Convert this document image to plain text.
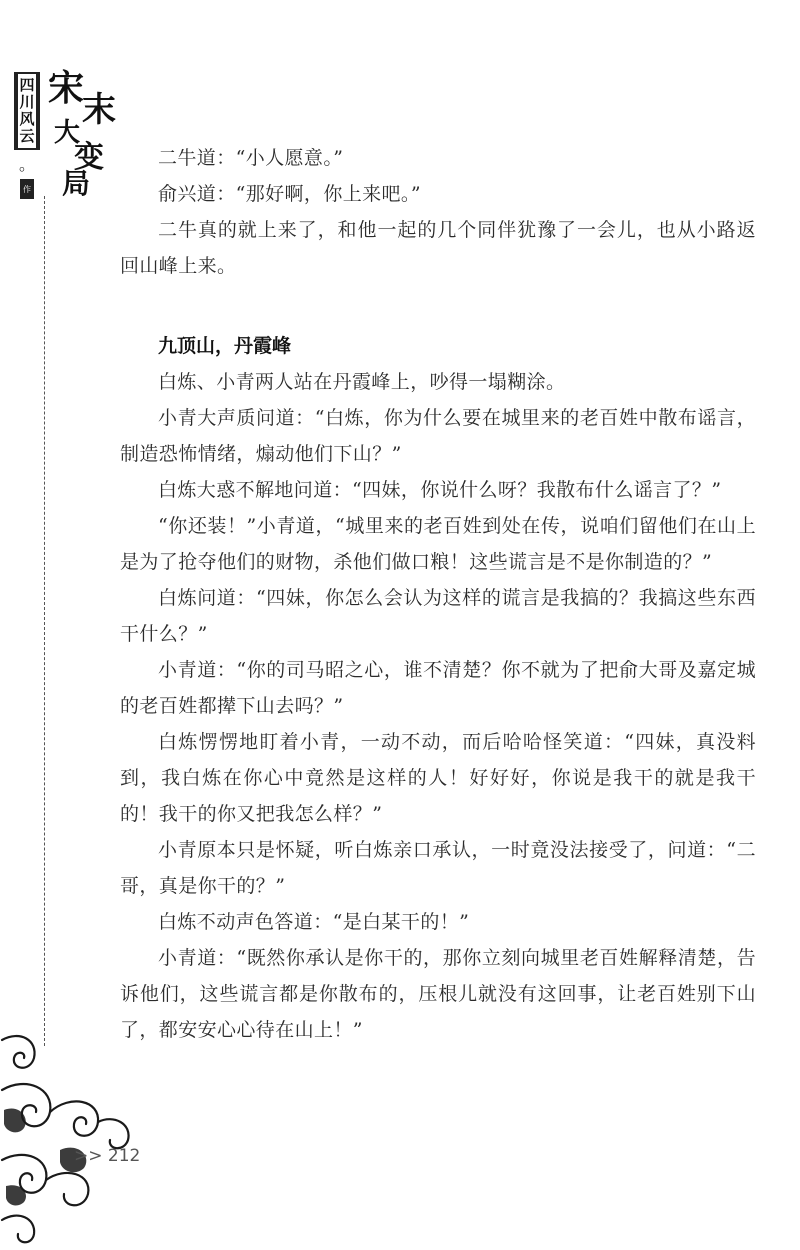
四
川
风
云
。
作
宋
末
大
变
局

二牛道：“小人愿意。”

俞兴道：“那好啊，你上来吧。”

二牛真的就上来了，和他一起的几个同伴犹豫了一会儿，也从小路返回山峰上来。

九顶山，丹霞峰

白炼、小青两人站在丹霞峰上，吵得一塌糊涂。

小青大声质问道：“白炼，你为什么要在城里来的老百姓中散布谣言，制造恐怖情绪，煽动他们下山？”

白炼大惑不解地问道：“四妹，你说什么呀？我散布什么谣言了？”

“你还装！”小青道，“城里来的老百姓到处在传，说咱们留他们在山上是为了抢夺他们的财物，杀他们做口粮！这些谎言是不是你制造的？”

白炼问道：“四妹，你怎么会认为这样的谎言是我搞的？我搞这些东西干什么？”

小青道：“你的司马昭之心，谁不清楚？你不就为了把俞大哥及嘉定城的老百姓都撵下山去吗？”

白炼愣愣地盯着小青，一动不动，而后哈哈怪笑道：“四妹，真没料到，我白炼在你心中竟然是这样的人！好好好，你说是我干的就是我干的！我干的你又把我怎么样？”

小青原本只是怀疑，听白炼亲口承认，一时竟没法接受了，问道：“二哥，真是你干的？”

白炼不动声色答道：“是白某干的！”

小青道：“既然你承认是你干的，那你立刻向城里老百姓解释清楚，告诉他们，这些谎言都是你散布的，压根儿就没有这回事，让老百姓别下山了，都安安心心待在山上！”

>> 212
